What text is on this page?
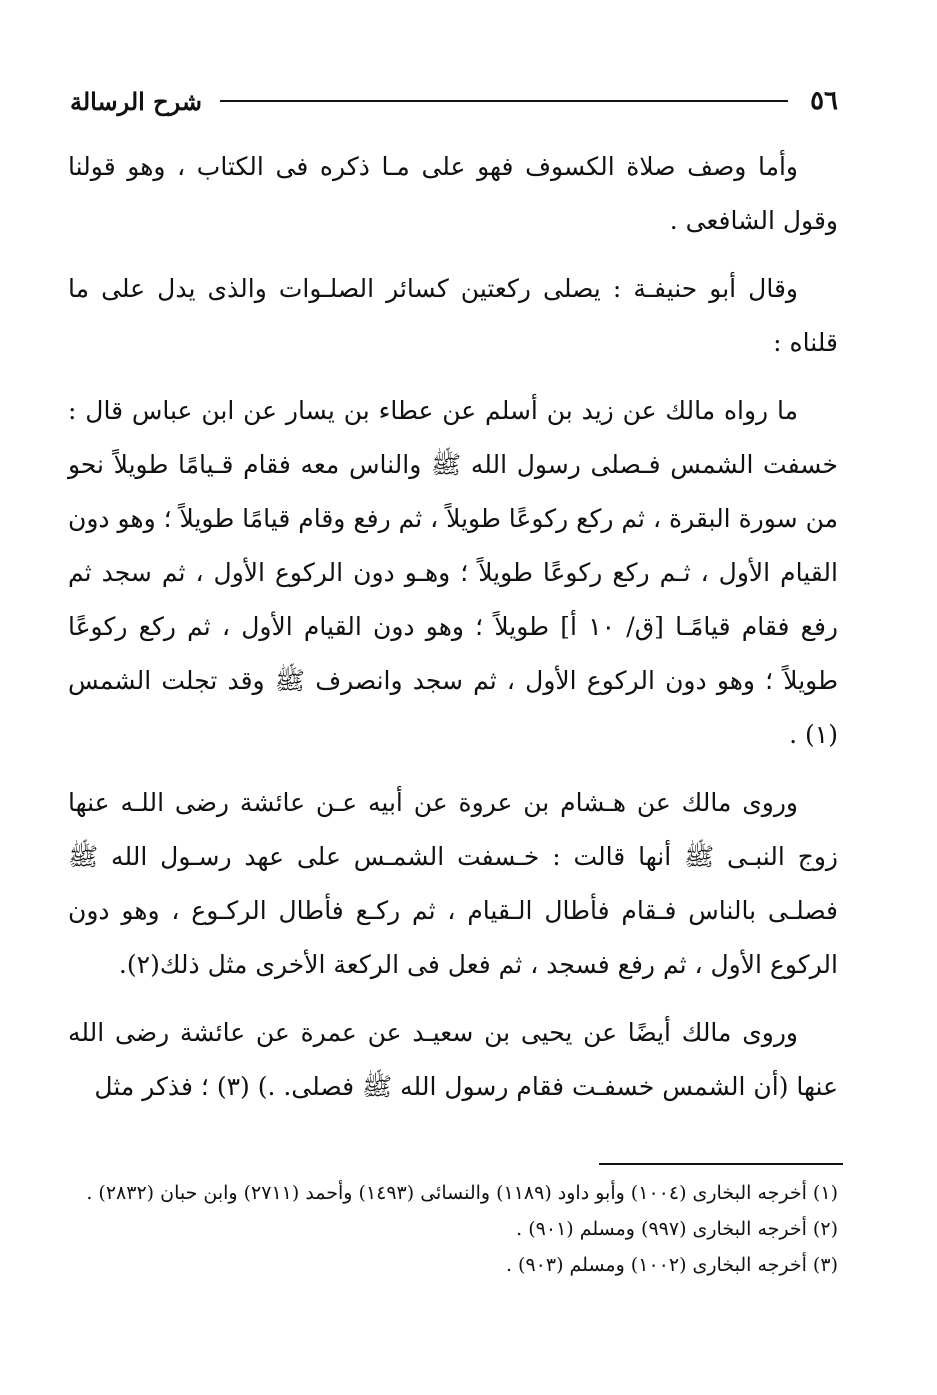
٥٦
شرح الرسالة

وأما وصف صلاة الكسوف فهو على مـا ذكره فى الكتاب ، وهو قولنا وقول الشافعى .

وقال أبو حنيفـة : يصلى ركعتين كسائر الصلـوات والذى يدل على ما قلناه :

ما رواه مالك عن زيد بن أسلم عن عطاء بن يسار عن ابن عباس قال : خسفت الشمس فـصلى رسول الله ﷺ والناس معه فقام قـيامًا طويلاً نحو من سورة البقرة ، ثم ركع ركوعًا طويلاً ، ثم رفع وقام قيامًا طويلاً ؛ وهو دون القيام الأول ، ثـم ركع ركوعًا طويلاً ؛ وهـو دون الركوع الأول ، ثم سجد ثم رفع فقام قيامًـا [ق/ ١٠ أ] طويلاً ؛ وهو دون القيام الأول ، ثم ركع ركوعًا طويلاً ؛ وهو دون الركوع الأول ، ثم سجد وانصرف ﷺ وقد تجلت الشمس (١) .

وروى مالك عن هـشام بن عروة عن أبيه عـن عائشة رضى اللـه عنها زوج النبـى ﷺ أنها قالت : خـسفت الشمـس على عهد رسـول الله ﷺ فصلـى بالناس فـقام فأطال الـقيام ، ثم ركـع فأطال الركـوع ، وهو دون الركوع الأول ، ثم رفع فسجد ، ثم فعل فى الركعة الأخرى مثل ذلك(٢).

وروى مالك أيضًا عن يحيى بن سعيـد عن عمرة عن عائشة رضى الله عنها (أن الشمس خسفـت فقام رسول الله ﷺ فصلى. .) (٣) ؛ فذكر مثل

(١) أخرجه البخارى (١٠٠٤) وأبو داود (١١٨٩) والنسائى (١٤٩٣) وأحمد (٢٧١١) وابن حبان (٢٨٣٢) .
(٢) أخرجه البخارى (٩٩٧) ومسلم (٩٠١) .
(٣) أخرجه البخارى (١٠٠٢) ومسلم (٩٠٣) .
